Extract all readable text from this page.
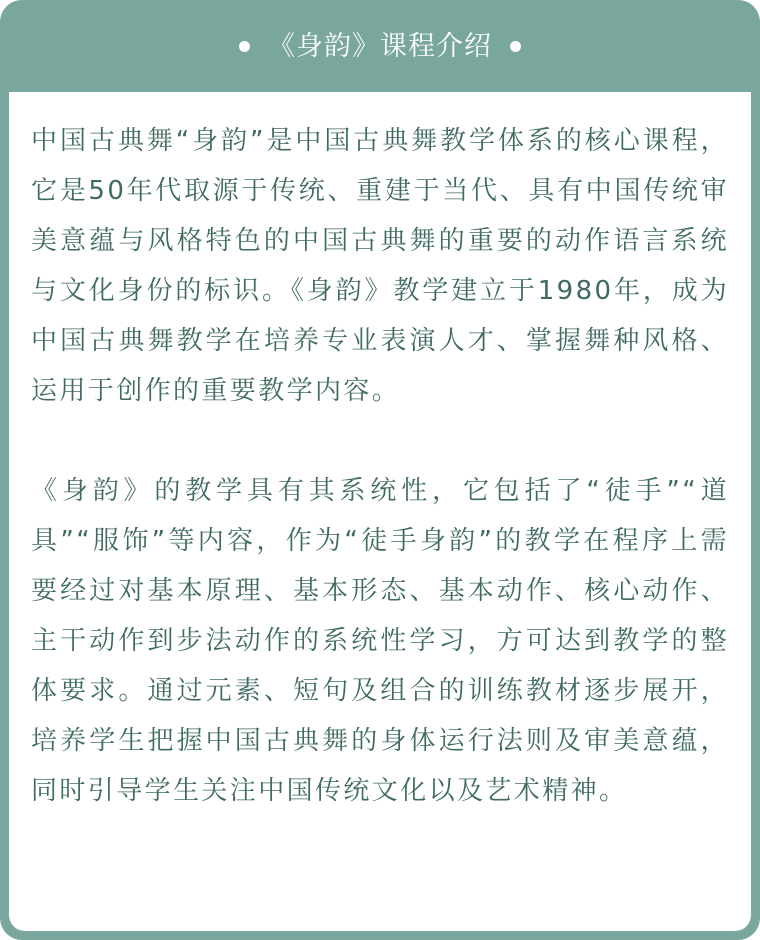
《身韵》课程介绍

中国古典舞“身韵”是中国古典舞教学体系的核心课程，它是50年代取源于传统、重建于当代、具有中国传统审美意蕴与风格特色的中国古典舞的重要的动作语言系统与文化身份的标识。《身韵》教学建立于1980年，成为中国古典舞教学在培养专业表演人才、掌握舞种风格、运用于创作的重要教学内容。

《身韵》的教学具有其系统性，它包括了“徒手”“道具”“服饰”等内容，作为“徒手身韵”的教学在程序上需要经过对基本原理、基本形态、基本动作、核心动作、主干动作到步法动作的系统性学习，方可达到教学的整体要求。通过元素、短句及组合的训练教材逐步展开，培养学生把握中国古典舞的身体运行法则及审美意蕴，同时引导学生关注中国传统文化以及艺术精神。
